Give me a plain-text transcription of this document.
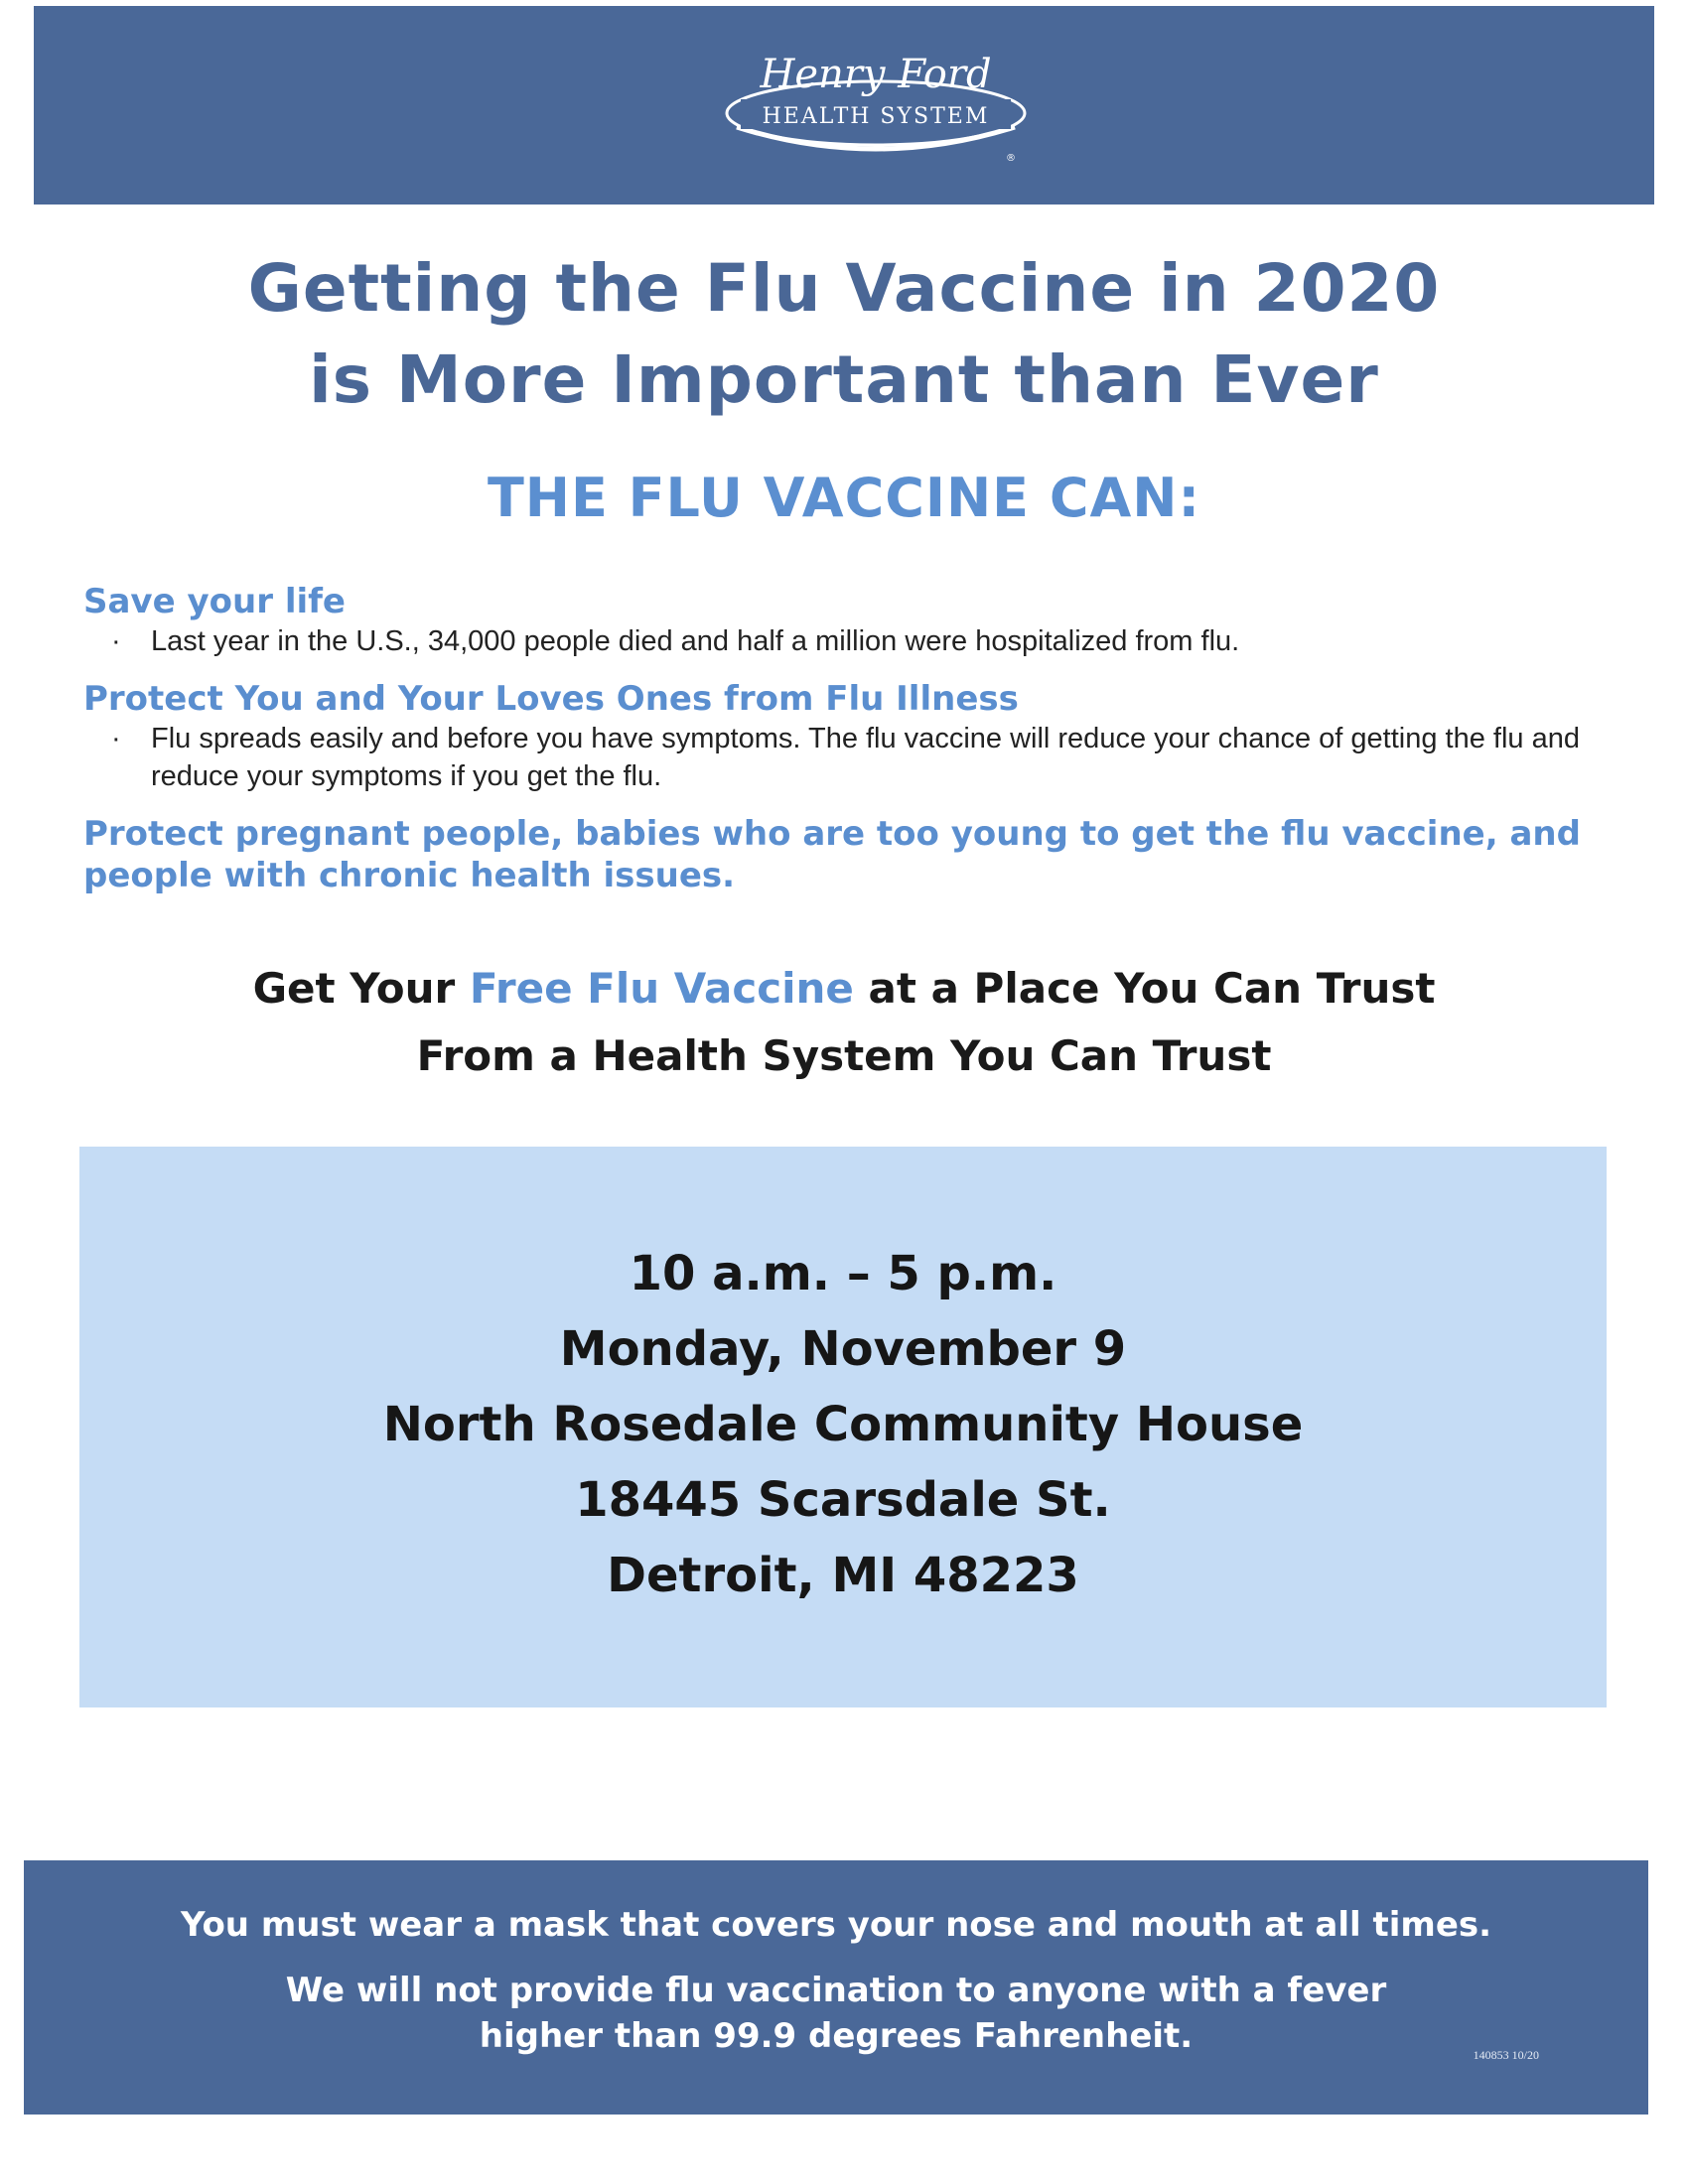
Henry Ford
HEALTH SYSTEM
®
Getting the Flu Vaccine in 2020
is More Important than Ever
THE FLU VACCINE CAN:
Save your life
· Last year in the U.S., 34,000 people died and half a million were hospitalized from flu.
Protect You and Your Loves Ones from Flu Illness
· Flu spreads easily and before you have symptoms. The flu vaccine will reduce your chance of getting the flu and reduce your symptoms if you get the flu.
Protect pregnant people, babies who are too young to get the flu vaccine, and people with chronic health issues.
Get Your Free Flu Vaccine at a Place You Can Trust
From a Health System You Can Trust
10 a.m. – 5 p.m.
Monday, November 9
North Rosedale Community House
18445 Scarsdale St.
Detroit, MI 48223
You must wear a mask that covers your nose and mouth at all times.
We will not provide flu vaccination to anyone with a fever
higher than 99.9 degrees Fahrenheit.	140853 10/20
